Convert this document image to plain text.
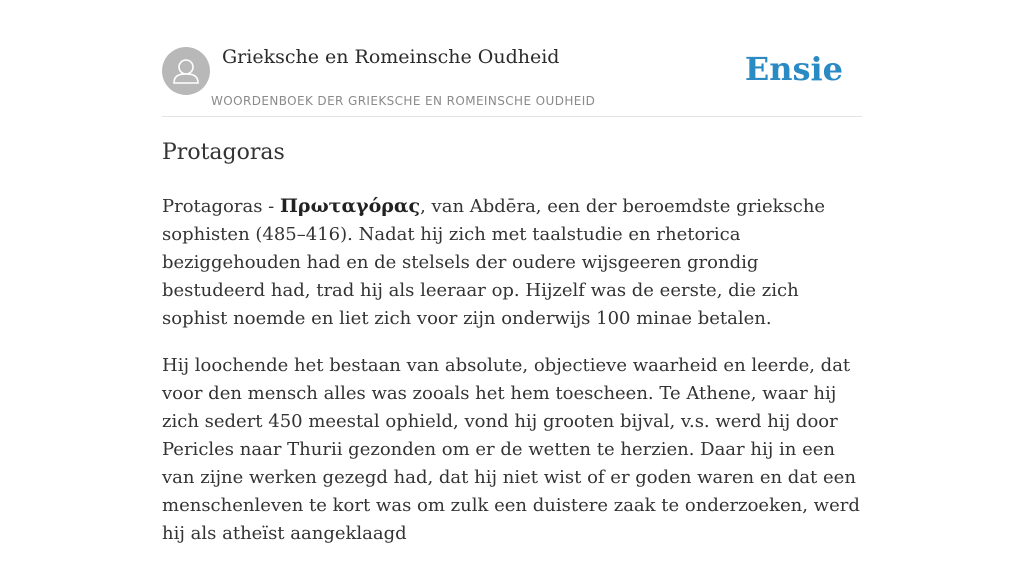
Grieksche en Romeinsche Oudheid
WOORDENBOEK DER GRIEKSCHE EN ROMEINSCHE OUDHEID
Ensie
Protagoras

Protagoras - Πρωταγόρας, van Abdēra, een der beroemdste grieksche sophisten (485–416). Nadat hij zich met taalstudie en rhetorica beziggehouden had en de stelsels der oudere wijsgeeren grondig bestudeerd had, trad hij als leeraar op. Hijzelf was de eerste, die zich sophist noemde en liet zich voor zijn onderwijs 100 minae betalen.

Hij loochende het bestaan van absolute, objectieve waarheid en leerde, dat voor den mensch alles was zooals het hem toescheen. Te Athene, waar hij zich sedert 450 meestal ophield, vond hij grooten bijval, v.s. werd hij door Pericles naar Thurii gezonden om er de wetten te herzien. Daar hij in een van zijne werken gezegd had, dat hij niet wist of er goden waren en dat een menschenleven te kort was om zulk een duistere zaak te onderzoeken, werd hij als atheïst aangeklaagd
